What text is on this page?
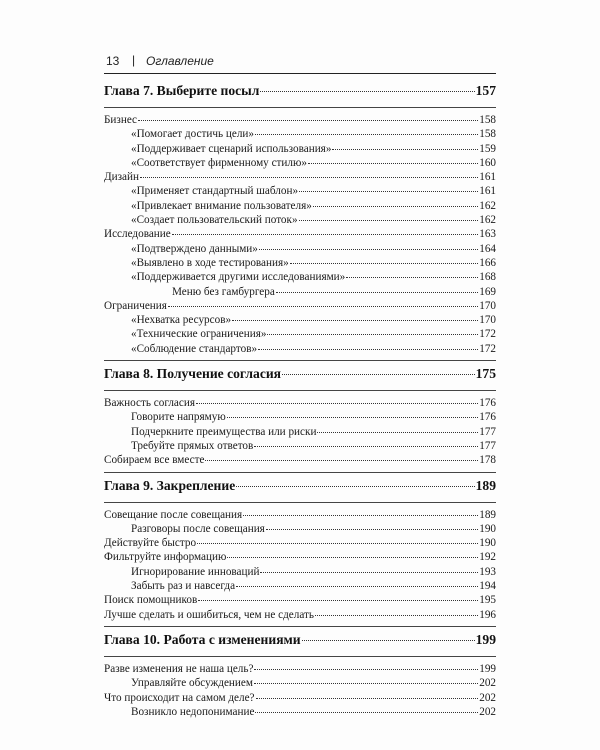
13 | Оглавление
Глава 7. Выберите посыл	157
Бизнес	158
«Помогает достичь цели»	158
«Поддерживает сценарий использования»	159
«Соответствует фирменному стилю»	160
Дизайн	161
«Применяет стандартный шаблон»	161
«Привлекает внимание пользователя»	162
«Создает пользовательский поток»	162
Исследование	163
«Подтверждено данными»	164
«Выявлено в ходе тестирования»	166
«Поддерживается другими исследованиями»	168
Меню без гамбургера	169
Ограничения	170
«Нехватка ресурсов»	170
«Технические ограничения»	172
«Соблюдение стандартов»	172
Глава 8. Получение согласия	175
Важность согласия	176
Говорите напрямую	176
Подчеркните преимущества или риски	177
Требуйте прямых ответов	177
Собираем все вместе	178
Глава 9. Закрепление	189
Совещание после совещания	189
Разговоры после совещания	190
Действуйте быстро	190
Фильтруйте информацию	192
Игнорирование инноваций	193
Забыть раз и навсегда	194
Поиск помощников	195
Лучше сделать и ошибиться, чем не сделать	196
Глава 10. Работа с изменениями	199
Разве изменения не наша цель?	199
Управляйте обсуждением	202
Что происходит на самом деле?	202
Возникло недопонимание	202
